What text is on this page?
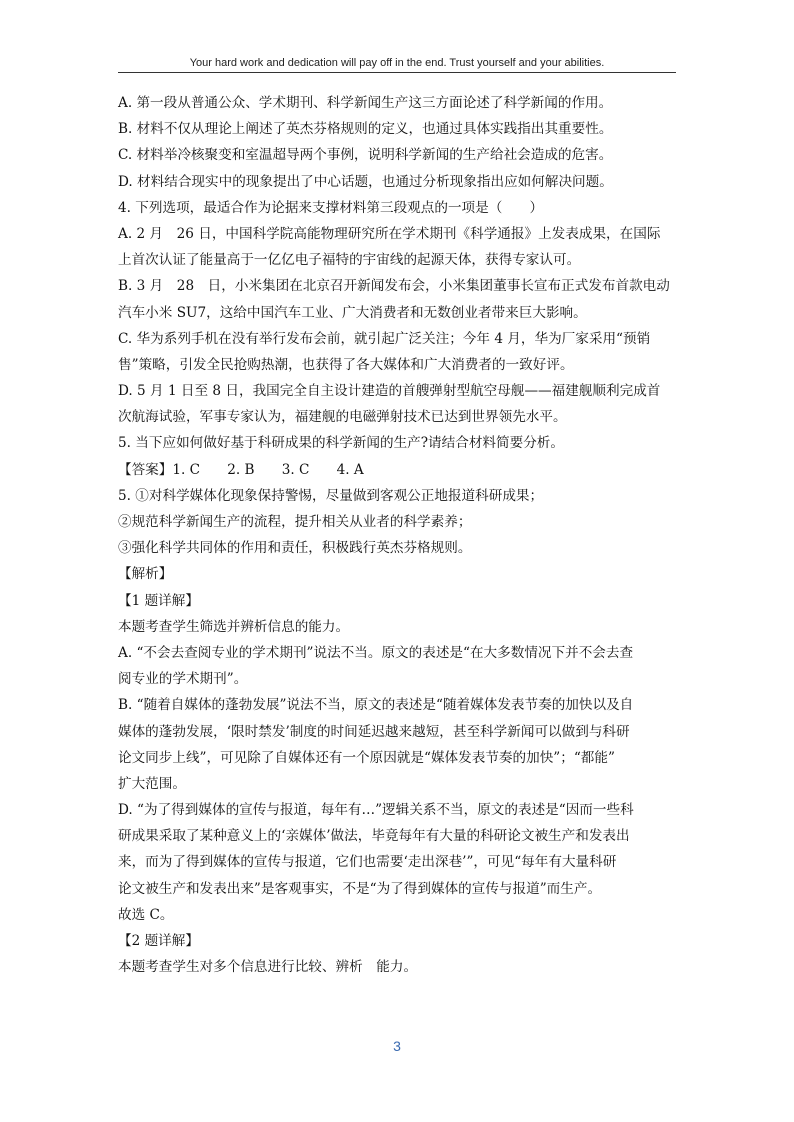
Your hard work and dedication will pay off in the end. Trust yourself and your abilities.
A. 第一段从普通公众、学术期刊、科学新闻生产这三方面论述了科学新闻的作用。
B. 材料不仅从理论上阐述了英杰芬格规则的定义，也通过具体实践指出其重要性。
C. 材料举冷核聚变和室温超导两个事例，说明科学新闻的生产给社会造成的危害。
D. 材料结合现实中的现象提出了中心话题，也通过分析现象指出应如何解决问题。
4. 下列选项，最适合作为论据来支撑材料第三段观点的一项是（　　）
A. 2 月　26 日，中国科学院高能物理研究所在学术期刊《科学通报》上发表成果，在国际
上首次认证了能量高于一亿亿电子福特的宇宙线的起源天体，获得专家认可。
B. 3 月　28　日，小米集团在北京召开新闻发布会，小米集团董事长宣布正式发布首款电动
汽车小米 SU7，这给中国汽车工业、广大消费者和无数创业者带来巨大影响。
C. 华为系列手机在没有举行发布会前，就引起广泛关注；今年 4 月，华为厂家采用“预销
售”策略，引发全民抢购热潮，也获得了各大媒体和广大消费者的一致好评。
D. 5 月 1 日至 8 日，我国完全自主设计建造的首艘弹射型航空母舰——福建舰顺利完成首
次航海试验，军事专家认为，福建舰的电磁弹射技术已达到世界领先水平。
5. 当下应如何做好基于科研成果的科学新闻的生产?请结合材料简要分析。
【答案】1. C　　2. B　　3. C　　4. A
5. ①对科学媒体化现象保持警惕，尽量做到客观公正地报道科研成果；
②规范科学新闻生产的流程，提升相关从业者的科学素养；
③强化科学共同体的作用和责任，积极践行英杰芬格规则。
【解析】
【1 题详解】
本题考查学生筛选并辨析信息的能力。
A. “不会去查阅专业的学术期刊”说法不当。原文的表述是“在大多数情况下并不会去查
阅专业的学术期刊”。
B. “随着自媒体的蓬勃发展”说法不当，原文的表述是“随着媒体发表节奏的加快以及自
媒体的蓬勃发展，‘限时禁发’制度的时间延迟越来越短，甚至科学新闻可以做到与科研
论文同步上线”，可见除了自媒体还有一个原因就是“媒体发表节奏的加快”；“都能”
扩大范围。
D. “为了得到媒体的宣传与报道，每年有…”逻辑关系不当，原文的表述是“因而一些科
研成果采取了某种意义上的‘亲媒体’做法，毕竟每年有大量的科研论文被生产和发表出
来，而为了得到媒体的宣传与报道，它们也需要‘走出深巷’”，可见“每年有大量科研
论文被生产和发表出来”是客观事实，不是“为了得到媒体的宣传与报道”而生产。
故选 C。
【2 题详解】
本题考查学生对多个信息进行比较、辨析　能力。
3
